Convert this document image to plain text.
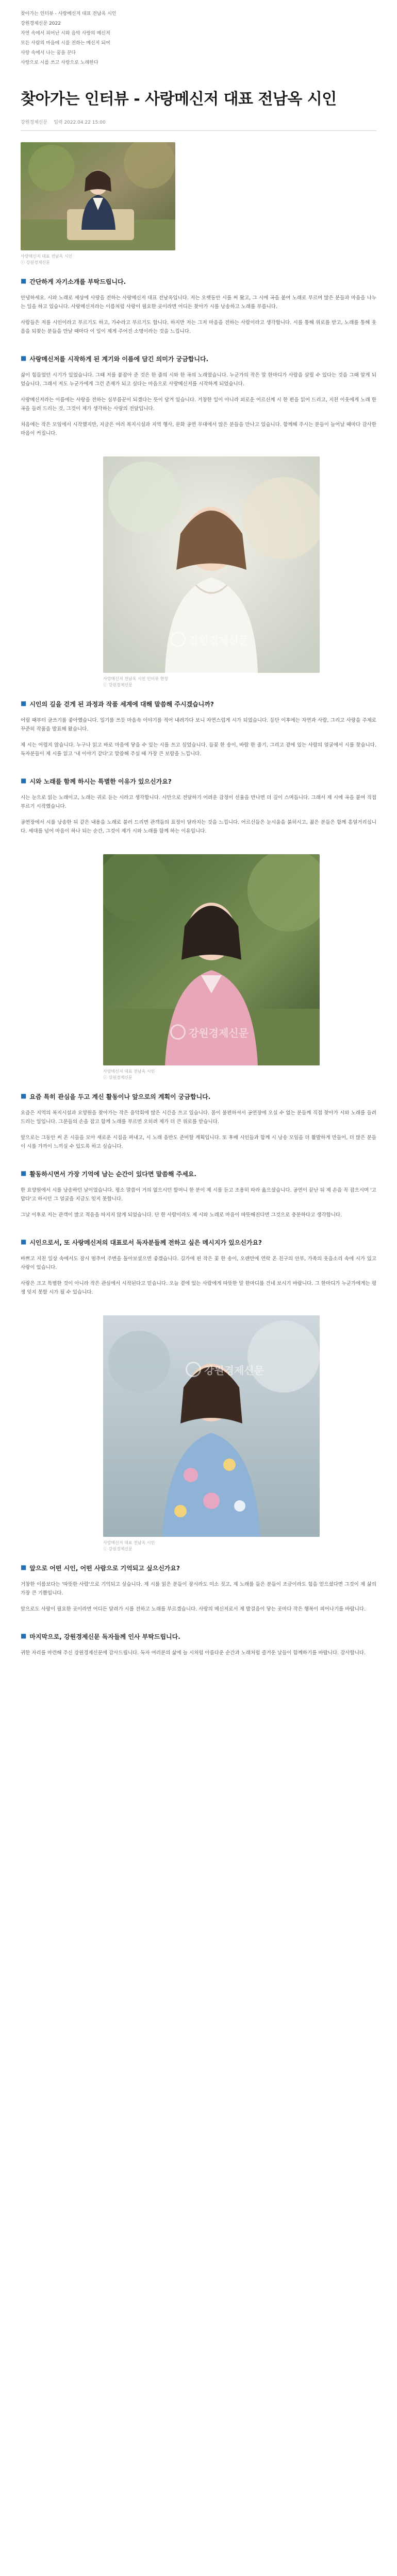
찾아가는 인터뷰 - 사랑메신저 대표 전남옥 시인

강원경제신문 2022

자연 속에서 피어난 시와 음악 사랑의 메신저

모든 사람의 마음에 시를 전하는 메신저 되어

사랑 속에서 나는 꿈을 꾼다

사랑으로 시를 쓰고 사랑으로 노래한다

찾아가는 인터뷰 - 사랑메신저 대표 전남옥 시인
강원경제신문 입력 2022.04.22 15:00
사랑메신저 대표 전남옥 시인
ⓒ 강원경제신문
■ 간단하게 자기소개를 부탁드립니다.

안녕하세요. 시와 노래로 세상에 사랑을 전하는 사랑메신저 대표 전남옥입니다. 저는 오랫동안 시를 써 왔고, 그 시에 곡을 붙여 노래로 부르며 많은 분들과 마음을 나누는 일을 하고 있습니다. 사랑메신저라는 이름처럼 사랑이 필요한 곳이라면 어디든 찾아가 시를 낭송하고 노래를 부릅니다.

사람들은 저를 시인이라고 부르기도 하고, 가수라고 부르기도 합니다. 하지만 저는 그저 마음을 전하는 사람이라고 생각합니다. 시를 통해 위로를 받고, 노래를 통해 웃음을 되찾는 분들을 만날 때마다 이 일이 제게 주어진 소명이라는 것을 느낍니다.

■ 사랑메신저를 시작하게 된 계기와 이름에 담긴 의미가 궁금합니다.

삶이 힘들었던 시기가 있었습니다. 그때 저를 붙잡아 준 것은 한 줄의 시와 한 곡의 노래였습니다. 누군가의 작은 말 한마디가 사람을 살릴 수 있다는 것을 그때 알게 되었습니다. 그래서 저도 누군가에게 그런 존재가 되고 싶다는 마음으로 사랑메신저를 시작하게 되었습니다.

사랑메신저라는 이름에는 사랑을 전하는 심부름꾼이 되겠다는 뜻이 담겨 있습니다. 거창한 일이 아니라 외로운 어르신께 시 한 편을 읽어 드리고, 지친 이웃에게 노래 한 곡을 들려 드리는 것, 그것이 제가 생각하는 사랑의 전달입니다.

처음에는 작은 모임에서 시작했지만, 지금은 여러 복지시설과 지역 행사, 문화 공연 무대에서 많은 분들을 만나고 있습니다. 함께해 주시는 분들이 늘어날 때마다 감사한 마음이 커집니다.

강원경제신문
사랑메신저 전남옥 시인 인터뷰 현장
ⓒ 강원경제신문
■ 시인의 길을 걷게 된 과정과 작품 세계에 대해 말씀해 주시겠습니까?

어릴 때부터 글쓰기를 좋아했습니다. 일기를 쓰듯 마음속 이야기를 적어 내려가다 보니 자연스럽게 시가 되었습니다. 등단 이후에는 자연과 사람, 그리고 사랑을 주제로 꾸준히 작품을 발표해 왔습니다.

제 시는 어렵지 않습니다. 누구나 읽고 바로 마음에 닿을 수 있는 시를 쓰고 싶었습니다. 들꽃 한 송이, 바람 한 줄기, 그리고 곁에 있는 사람의 얼굴에서 시를 찾습니다. 독자분들이 제 시를 읽고 '내 이야기 같다'고 말씀해 주실 때 가장 큰 보람을 느낍니다.

■ 시와 노래를 함께 하시는 특별한 이유가 있으신가요?

시는 눈으로 읽는 노래이고, 노래는 귀로 듣는 시라고 생각합니다. 시만으로 전달하기 어려운 감정이 선율을 만나면 더 깊이 스며듭니다. 그래서 제 시에 곡을 붙여 직접 부르기 시작했습니다.

공연장에서 시를 낭송한 뒤 같은 내용을 노래로 불러 드리면 관객들의 표정이 달라지는 것을 느낍니다. 어르신들은 눈시울을 붉히시고, 젊은 분들은 함께 흥얼거리십니다. 세대를 넘어 마음이 하나 되는 순간, 그것이 제가 시와 노래를 함께 하는 이유입니다.

강원경제신문
사랑메신저 대표 전남옥 시인
ⓒ 강원경제신문
■ 요즘 특히 관심을 두고 계신 활동이나 앞으로의 계획이 궁금합니다.

요즘은 지역의 복지시설과 요양원을 찾아가는 작은 음악회에 많은 시간을 쓰고 있습니다. 몸이 불편하셔서 공연장에 오실 수 없는 분들께 직접 찾아가 시와 노래를 들려 드리는 일입니다. 그분들의 손을 잡고 함께 노래를 부르면 오히려 제가 더 큰 위로를 받습니다.

앞으로는 그동안 써 온 시들을 모아 새로운 시집을 펴내고, 시 노래 음반도 준비할 계획입니다. 또 후배 시인들과 함께 시 낭송 모임을 더 활발하게 만들어, 더 많은 분들이 시를 가까이 느끼실 수 있도록 하고 싶습니다.

■ 활동하시면서 가장 기억에 남는 순간이 있다면 말씀해 주세요.

한 요양원에서 시를 낭송하던 날이었습니다. 평소 말씀이 거의 없으시던 할머니 한 분이 제 시를 듣고 조용히 따라 읊으셨습니다. 공연이 끝난 뒤 제 손을 꼭 잡으시며 '고맙다'고 하시던 그 얼굴을 지금도 잊지 못합니다.

그날 이후로 저는 관객이 많고 적음을 따지지 않게 되었습니다. 단 한 사람이라도 제 시와 노래로 마음이 따뜻해진다면 그것으로 충분하다고 생각합니다.

■ 시인으로서, 또 사랑메신저의 대표로서 독자분들께 전하고 싶은 메시지가 있으신가요?

바쁘고 지친 일상 속에서도 잠시 멈추어 주변을 돌아보셨으면 좋겠습니다. 길가에 핀 작은 꽃 한 송이, 오랜만에 연락 온 친구의 안부, 가족의 웃음소리 속에 시가 있고 사랑이 있습니다.

사랑은 크고 특별한 것이 아니라 작은 관심에서 시작된다고 믿습니다. 오늘 곁에 있는 사람에게 따뜻한 말 한마디를 건네 보시기 바랍니다. 그 한마디가 누군가에게는 평생 잊지 못할 시가 될 수 있습니다.

강원경제신문
사랑메신저 대표 전남옥 시인
ⓒ 강원경제신문
■ 앞으로 어떤 시인, 어떤 사람으로 기억되고 싶으신가요?

거창한 이름보다는 '따뜻한 사람'으로 기억되고 싶습니다. 제 시를 읽은 분들이 잠시라도 미소 짓고, 제 노래를 들은 분들이 조금이라도 힘을 얻으셨다면 그것이 제 삶의 가장 큰 기쁨입니다.

앞으로도 사랑이 필요한 곳이라면 어디든 달려가 시를 전하고 노래를 부르겠습니다. 사랑의 메신저로서 제 발걸음이 닿는 곳마다 작은 행복이 피어나기를 바랍니다.

■ 마지막으로, 강원경제신문 독자들께 인사 부탁드립니다.

귀한 자리를 마련해 주신 강원경제신문에 감사드립니다. 독자 여러분의 삶에 늘 시처럼 아름다운 순간과 노래처럼 즐거운 날들이 함께하기를 바랍니다. 감사합니다.
